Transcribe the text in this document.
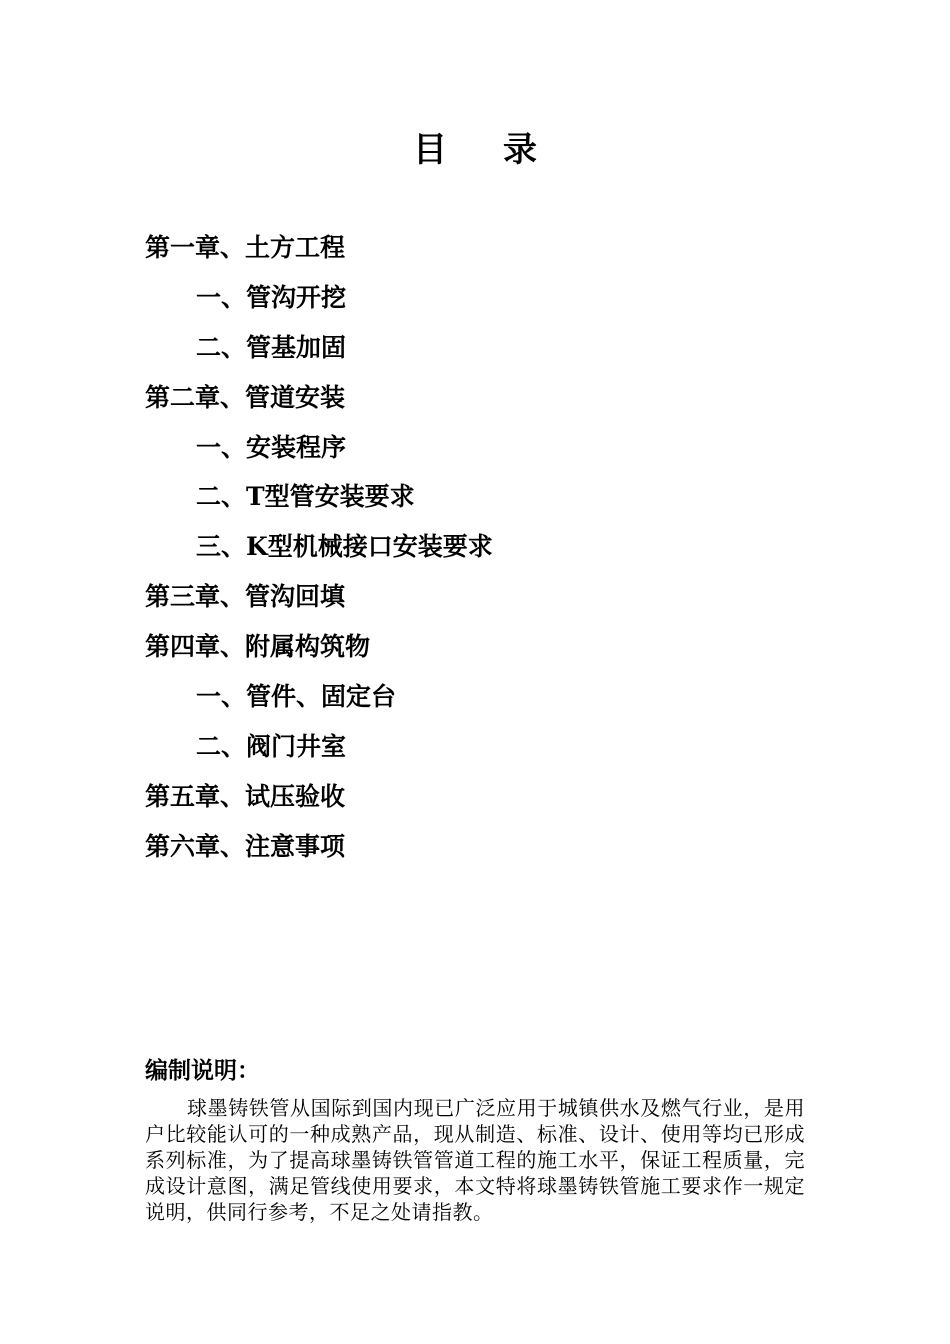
目 录
第一章、土方工程
一、管沟开挖
二、管基加固
第二章、管道安装
一、安装程序
二、T型管安装要求
三、K型机械接口安装要求
第三章、管沟回填
第四章、附属构筑物
一、管件、固定台
二、阀门井室
第五章、试压验收
第六章、注意事项
编制说明：

球墨铸铁管从国际到国内现已广泛应用于城镇供水及燃气行业，是用户比较能认可的一种成熟产品，现从制造、标准、设计、使用等均已形成系列标准，为了提高球墨铸铁管管道工程的施工水平，保证工程质量，完成设计意图，满足管线使用要求，本文特将球墨铸铁管施工要求作一规定说明，供同行参考，不足之处请指教。
